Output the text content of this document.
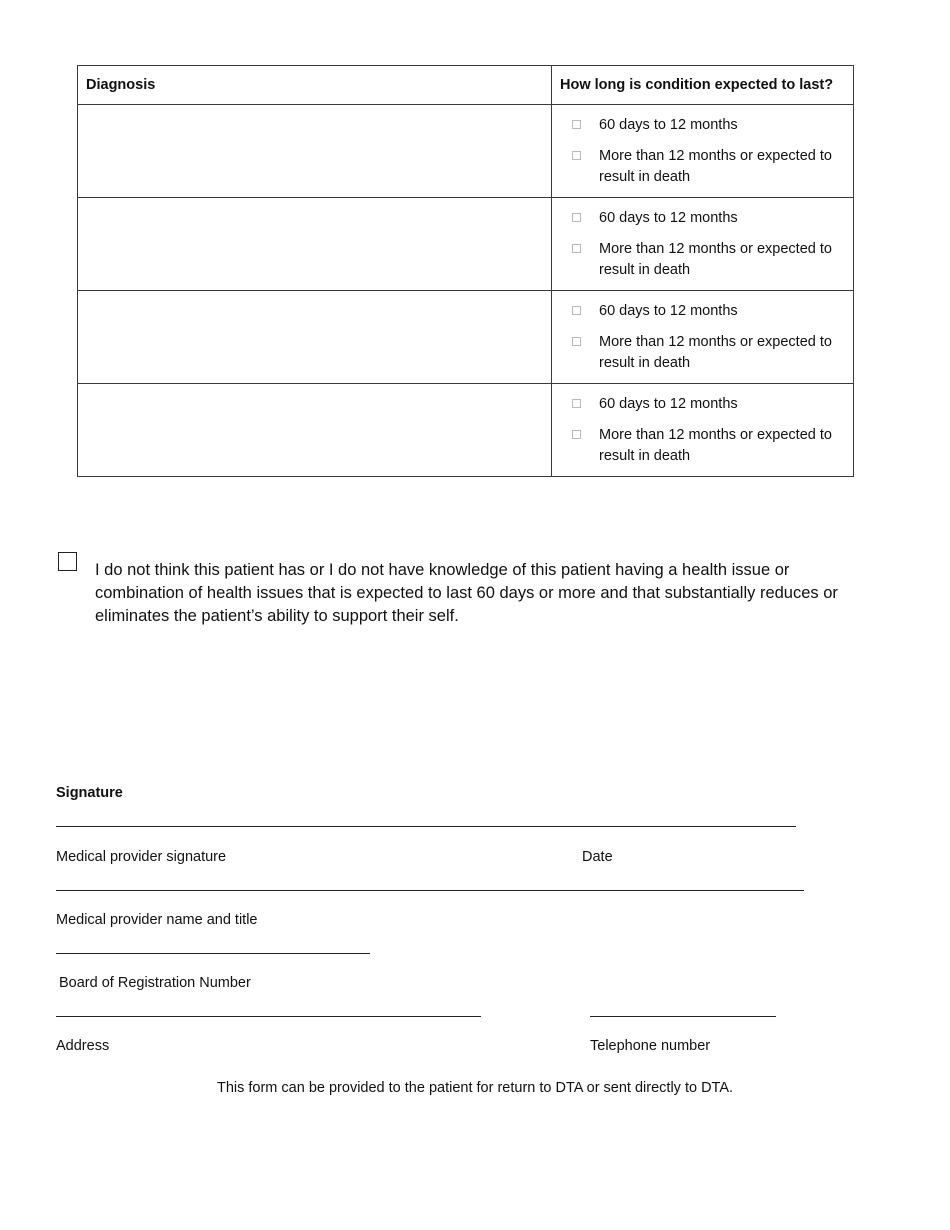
Diagnosis	How long is condition expected to last?

	60 days to 12 months
More than 12 months or expected to result in death

	60 days to 12 months
More than 12 months or expected to result in death

	60 days to 12 months
More than 12 months or expected to result in death

	60 days to 12 months
More than 12 months or expected to result in death
I do not think this patient has or I do not have knowledge of this patient having a health issue or combination of health issues that is expected to last 60 days or more and that substantially reduces or eliminates the patient’s ability to support their self.
Signature
Medical provider signature	Date
Medical provider name and title
Board of Registration Number
Address	Telephone number
This form can be provided to the patient for return to DTA or sent directly to DTA.
